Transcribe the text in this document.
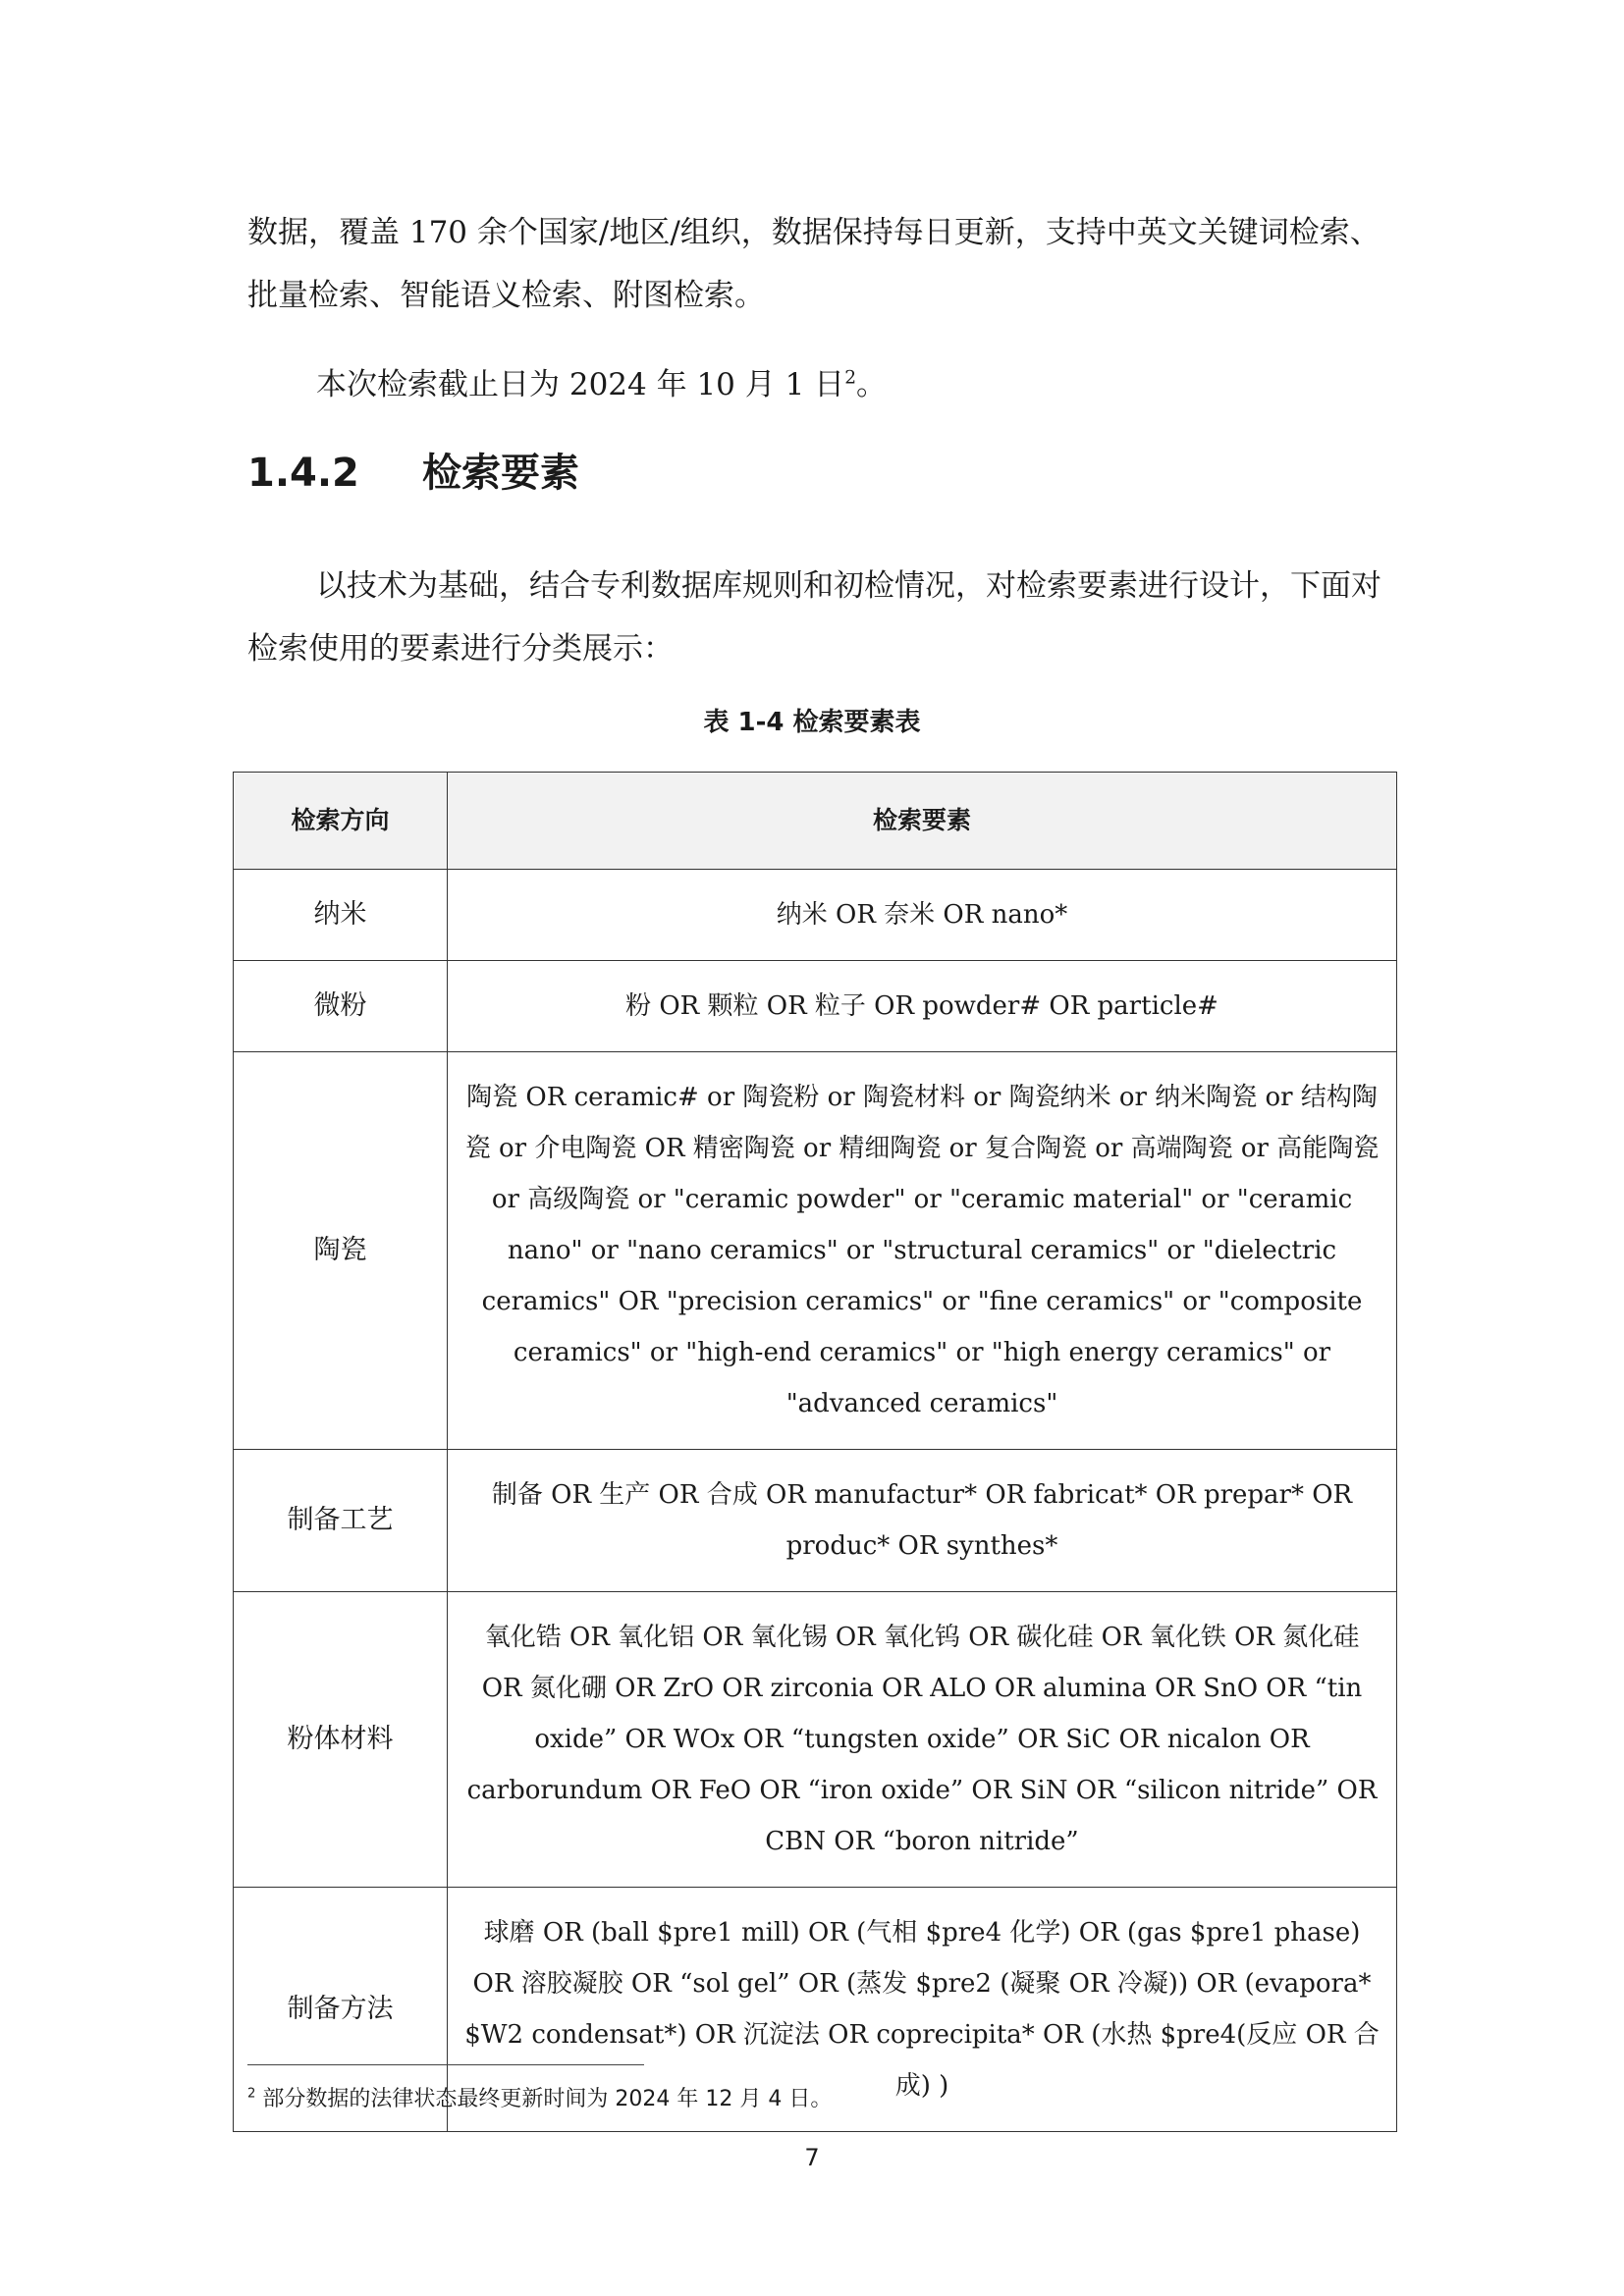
数据，覆盖 170 余个国家/地区/组织，数据保持每日更新，支持中英文关键词检索、批量检索、智能语义检索、附图检索。

本次检索截止日为 2024 年 10 月 1 日$^2$。

1.4.2 检索要素

以技术为基础，结合专利数据库规则和初检情况，对检索要素进行设计，下面对检索使用的要素进行分类展示：

表 1-4 检索要素表
检索方向	检索要素
纳米	纳米 OR 奈米 OR nano*
微粉	粉 OR 颗粒 OR 粒子 OR powder# OR particle#
陶瓷	陶瓷 OR ceramic# or 陶瓷粉 or 陶瓷材料 or 陶瓷纳米 or 纳米陶瓷 or 结构陶瓷 or 介电陶瓷 OR 精密陶瓷 or 精细陶瓷 or 复合陶瓷 or 高端陶瓷 or 高能陶瓷 or 高级陶瓷 or "ceramic powder" or "ceramic material" or "ceramic nano" or "nano ceramics" or "structural ceramics" or "dielectric ceramics" OR "precision ceramics" or "fine ceramics" or "composite ceramics" or "high-end ceramics" or "high energy ceramics" or "advanced ceramics"
制备工艺	制备 OR 生产 OR 合成 OR manufactur* OR fabricat* OR prepar* OR produc* OR synthes*
粉体材料	氧化锆 OR 氧化铝 OR 氧化锡 OR 氧化钨 OR 碳化硅 OR 氧化铁 OR 氮化硅 OR 氮化硼 OR ZrO OR zirconia OR ALO OR alumina OR SnO OR “tin oxide” OR WOx OR “tungsten oxide” OR SiC OR nicalon OR carborundum OR FeO OR “iron oxide” OR SiN OR “silicon nitride” OR CBN OR “boron nitride”
制备方法	球磨 OR (ball $pre1 mill) OR (气相 $pre4 化学) OR (gas $pre1 phase) OR 溶胶凝胶 OR “sol gel” OR (蒸发 $pre2 (凝聚 OR 冷凝)) OR (evapora* $W2 condensat*) OR 沉淀法 OR coprecipita* OR (水热 $pre4(反应 OR 合成) )
$^2$ 部分数据的法律状态最终更新时间为 2024 年 12 月 4 日。
7
